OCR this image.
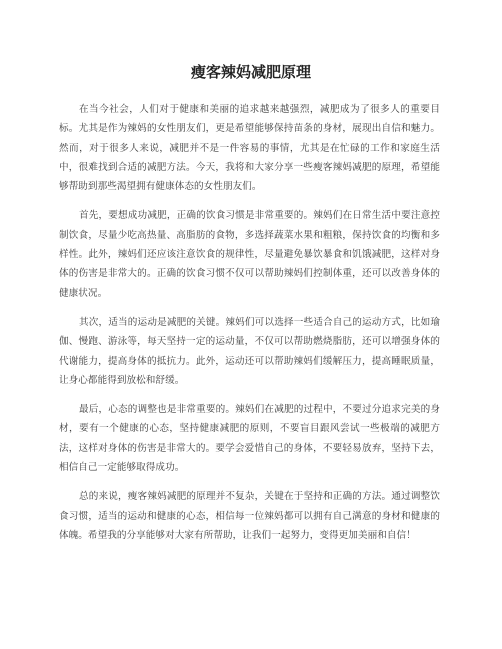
瘦客辣妈减肥原理

在当今社会，人们对于健康和美丽的追求越来越强烈，减肥成为了很多人的重要目标。尤其是作为辣妈的女性朋友们，更是希望能够保持苗条的身材，展现出自信和魅力。然而，对于很多人来说，减肥并不是一件容易的事情，尤其是在忙碌的工作和家庭生活中，很难找到合适的减肥方法。今天，我将和大家分享一些瘦客辣妈减肥的原理，希望能够帮助到那些渴望拥有健康体态的女性朋友们。

首先，要想成功减肥，正确的饮食习惯是非常重要的。辣妈们在日常生活中要注意控制饮食，尽量少吃高热量、高脂肪的食物，多选择蔬菜水果和粗粮，保持饮食的均衡和多样性。此外，辣妈们还应该注意饮食的规律性，尽量避免暴饮暴食和饥饿减肥，这样对身体的伤害是非常大的。正确的饮食习惯不仅可以帮助辣妈们控制体重，还可以改善身体的健康状况。

其次，适当的运动是减肥的关键。辣妈们可以选择一些适合自己的运动方式，比如瑜伽、慢跑、游泳等，每天坚持一定的运动量，不仅可以帮助燃烧脂肪，还可以增强身体的代谢能力，提高身体的抵抗力。此外，运动还可以帮助辣妈们缓解压力，提高睡眠质量，让身心都能得到放松和舒缓。

最后，心态的调整也是非常重要的。辣妈们在减肥的过程中，不要过分追求完美的身材，要有一个健康的心态，坚持健康减肥的原则，不要盲目跟风尝试一些极端的减肥方法，这样对身体的伤害是非常大的。要学会爱惜自己的身体，不要轻易放弃，坚持下去，相信自己一定能够取得成功。

总的来说，瘦客辣妈减肥的原理并不复杂，关键在于坚持和正确的方法。通过调整饮食习惯，适当的运动和健康的心态，相信每一位辣妈都可以拥有自己满意的身材和健康的体魄。希望我的分享能够对大家有所帮助，让我们一起努力，变得更加美丽和自信！
